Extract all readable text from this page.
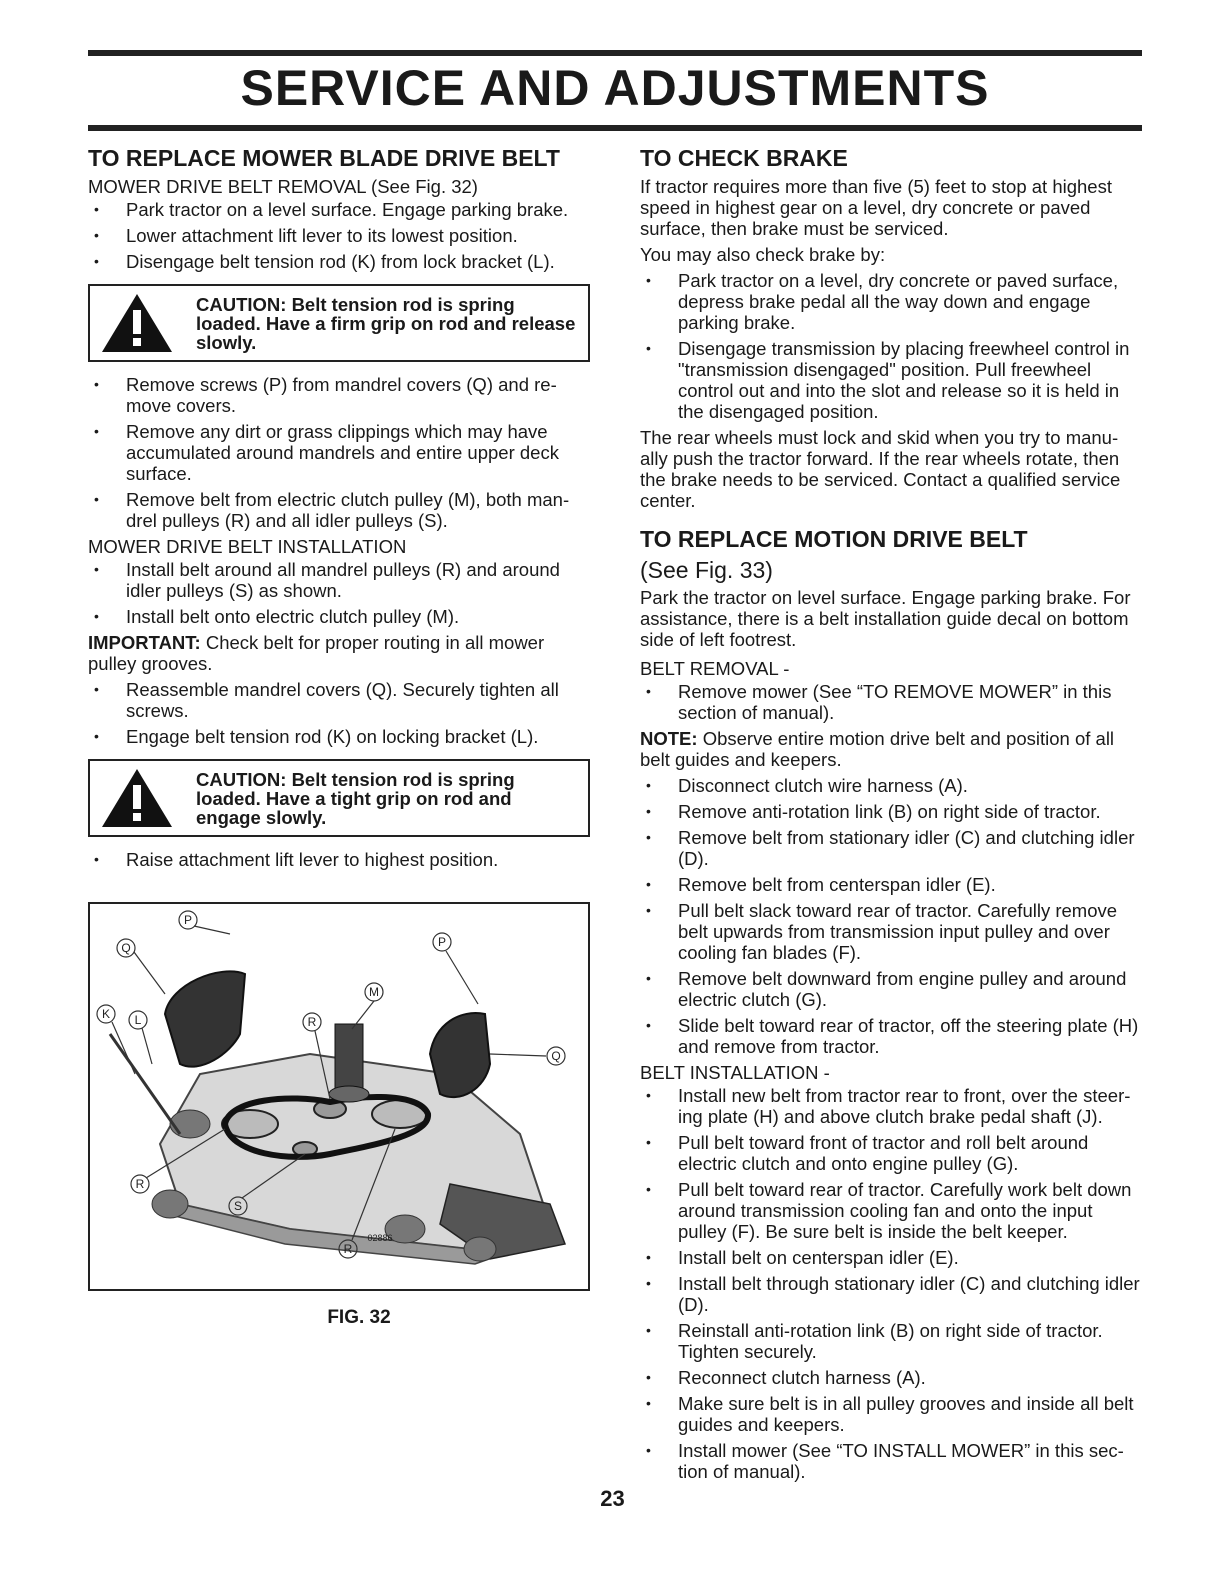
SERVICE AND ADJUSTMENTS
TO REPLACE MOWER BLADE DRIVE BELT

MOWER DRIVE BELT REMOVAL (See Fig. 32)

• Park tractor on a level surface. Engage parking brake.
• Lower attachment lift lever to its lowest position.
• Disengage belt tension rod (K) from lock bracket (L).
CAUTION: Belt tension rod is spring loaded. Have a firm grip on rod and release slowly.
• Remove screws (P) from mandrel covers (Q) and re-move covers.
• Remove any dirt or grass clippings which may have accumulated around mandrels and entire upper deck surface.
• Remove belt from electric clutch pulley (M), both man-drel pulleys (R) and all idler pulleys (S).

MOWER DRIVE BELT INSTALLATION

• Install belt around all mandrel pulleys (R) and around idler pulleys (S) as shown.
• Install belt onto electric clutch pulley (M).

IMPORTANT: Check belt for proper routing in all mower pulley grooves.

• Reassemble mandrel covers (Q). Securely tighten all screws.
• Engage belt tension rod (K) on locking bracket (L).
CAUTION: Belt tension rod is spring loaded. Have a tight grip on rod and engage slowly.
• Raise attachment lift lever to highest position.
P
Q	P
M
R
K L
Q
R
S
R
02886
FIG. 32
TO CHECK BRAKE

If tractor requires more than five (5) feet to stop at highest speed in highest gear on a level, dry concrete or paved surface, then brake must be serviced.

You may also check brake by:

• Park tractor on a level, dry concrete or paved surface, depress brake pedal all the way down and engage parking brake.
• Disengage transmission by placing freewheel control in "transmission disengaged" position. Pull freewheel control out and into the slot and release so it is held in the disengaged position.

The rear wheels must lock and skid when you try to manu-ally push the tractor forward. If the rear wheels rotate, then the brake needs to be serviced. Contact a qualified service center.

TO REPLACE MOTION DRIVE BELT
(See Fig. 33)

Park the tractor on level surface. Engage parking brake. For assistance, there is a belt installation guide decal on bottom side of left footrest.

BELT REMOVAL -

• Remove mower (See “TO REMOVE MOWER” in this section of manual).

NOTE: Observe entire motion drive belt and position of all belt guides and keepers.

• Disconnect clutch wire harness (A).
• Remove anti-rotation link (B) on right side of tractor.
• Remove belt from stationary idler (C) and clutching idler (D).
• Remove belt from centerspan idler (E).
• Pull belt slack toward rear of tractor. Carefully remove belt upwards from transmission input pulley and over cooling fan blades (F).
• Remove belt downward from engine pulley and around electric clutch (G).
• Slide belt toward rear of tractor, off the steering plate (H) and remove from tractor.

BELT INSTALLATION -

• Install new belt from tractor rear to front, over the steer-ing plate (H) and above clutch brake pedal shaft (J).
• Pull belt toward front of tractor and roll belt around electric clutch and onto engine pulley (G).
• Pull belt toward rear of tractor. Carefully work belt down around transmission cooling fan and onto the input pulley (F). Be sure belt is inside the belt keeper.
• Install belt on centerspan idler (E).
• Install belt through stationary idler (C) and clutching idler (D).
• Reinstall anti-rotation link (B) on right side of tractor. Tighten securely.
• Reconnect clutch harness (A).
• Make sure belt is in all pulley grooves and inside all belt guides and keepers.
• Install mower (See “TO INSTALL MOWER” in this sec-tion of manual).
23
